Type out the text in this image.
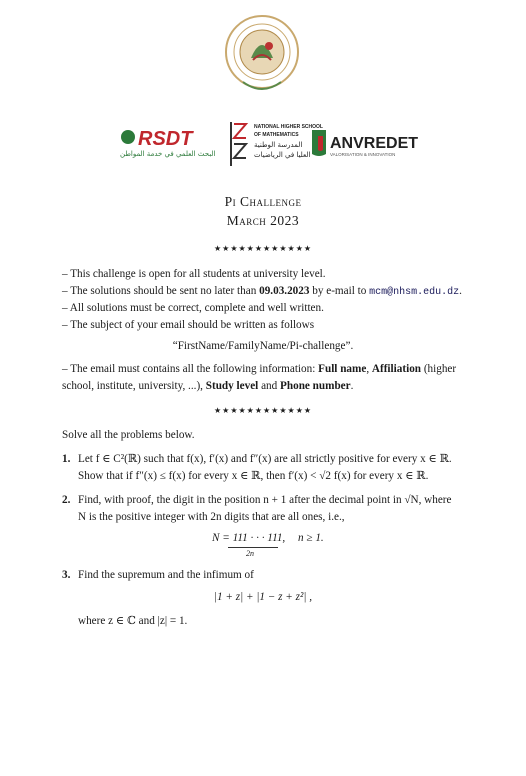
RSDT
البحث العلمي في خدمة المواطن
NATIONAL HIGHER SCHOOL
OF MATHEMATICS
المدرسة الوطنية
العليا في الرياضيات
ANVREDET
VALORISATION & INNOVATION
Pi Challenge
March 2023
★★★★★★★★★★★★
– This challenge is open for all students at university level.
– The solutions should be sent no later than 09.03.2023 by e-mail to mcm@nhsm.edu.dz.
– All solutions must be correct, complete and well written.
– The subject of your email should be written as follows
“FirstName/FamilyName/Pi-challenge”.
– The email must contains all the following information: Full name, Affiliation (higher
school, institute, university, ...), Study level and Phone number.
★★★★★★★★★★★★
Solve all the problems below.
1. Let f ∈ C²(ℝ) such that f(x), f′(x) and f″(x) are all strictly positive for every x ∈ ℝ.
Show that if f″(x) ≤ f(x) for every x ∈ ℝ, then f′(x) < √2 f(x) for every x ∈ ℝ.
2. Find, with proof, the digit in the position n + 1 after the decimal point in √N, where
N is the positive integer with 2n digits that are all ones, i.e.,
N = 111 · · · 111, n ≥ 1.
2n
3. Find the supremum and the infimum of
|1 + z| + |1 − z + z²| ,
where z ∈ ℂ and |z| = 1.
